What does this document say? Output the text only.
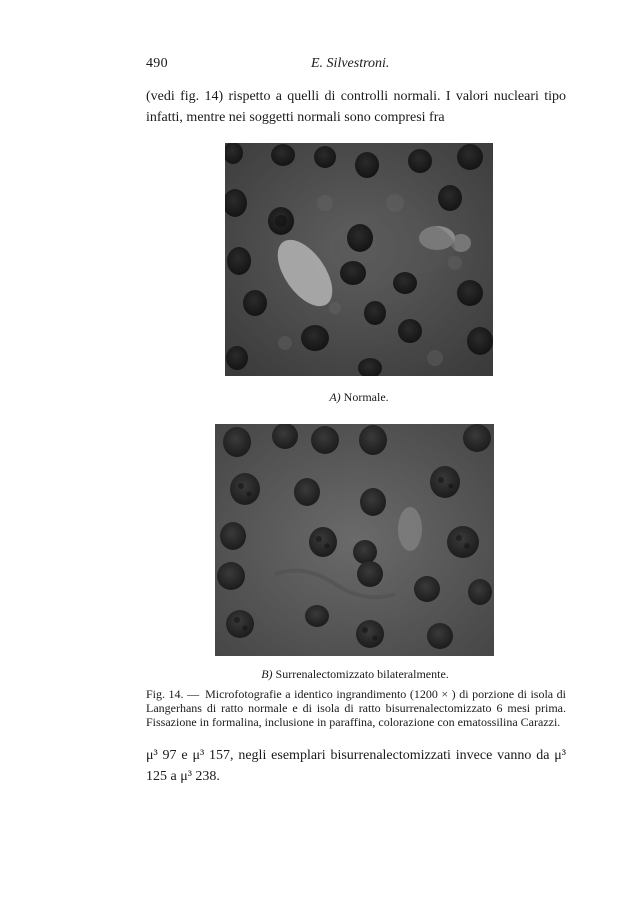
490	E. Silvestroni.

(vedi fig. 14) rispetto a quelli di controlli normali. I valori nucleari tipo infatti, mentre nei soggetti normali sono compresi fra

A) Normale.
B) Surrenalectomizzato bilateralmente.

Fig. 14. — Microfotografie a identico ingrandimento (1200 × ) di porzione di isola di Langerhans di ratto normale e di isola di ratto bisurrenalectomizzato 6 mesi prima. Fissazione in formalina, inclusione in paraffina, colorazione con ematossilina Carazzi.

μ³ 97 e μ³ 157, negli esemplari bisurrenalectomizzati invece vanno da μ³ 125 a μ³ 238.
